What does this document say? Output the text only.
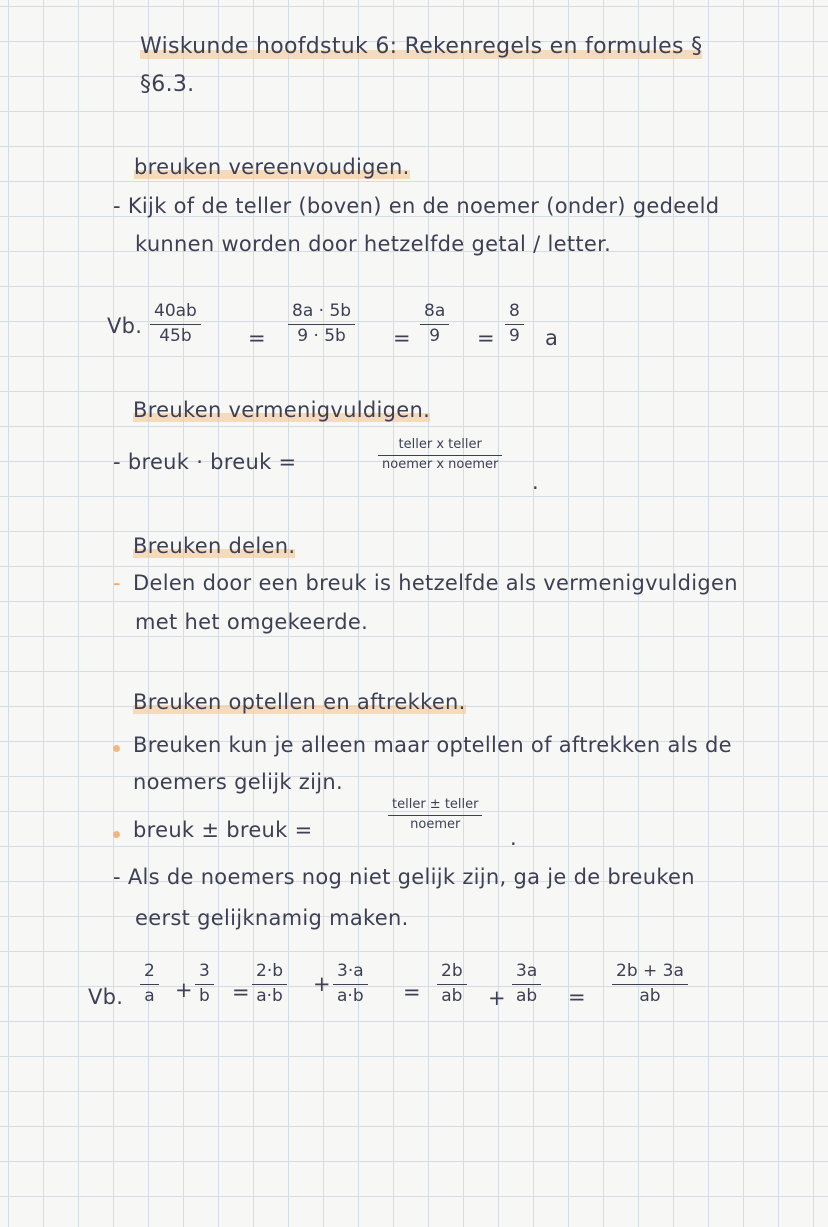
Wiskunde hoofdstuk 6: Rekenregels en formules §
§6.3.
breuken vereenvoudigen.
- Kijk of de teller (boven) en de noemer (onder) gedeeld
kunnen worden door hetzelfde getal / letter.
Vb.
40ab
45b	=
8a · 5b
9 · 5b =
8a
9 =
8
9 a
Breuken vermenigvuldigen.
- breuk · breuk =
teller x teller
noemer x noemer
.
Breuken delen.
- Delen door een breuk is hetzelfde als vermenigvuldigen
met het omgekeerde.
Breuken optellen en aftrekken.
Breuken kun je alleen maar optellen of aftrekken als de
noemers gelijk zijn.
breuk ± breuk =
teller ± teller
noemer
.
- Als de noemers nog niet gelijk zijn, ga je de breuken
eerst gelijknamig maken.
Vb.
2
a +
3
b =
2·b
a·b
+
3·a
a·b =
2b
ab +
3a
ab =
2b + 3a
ab
